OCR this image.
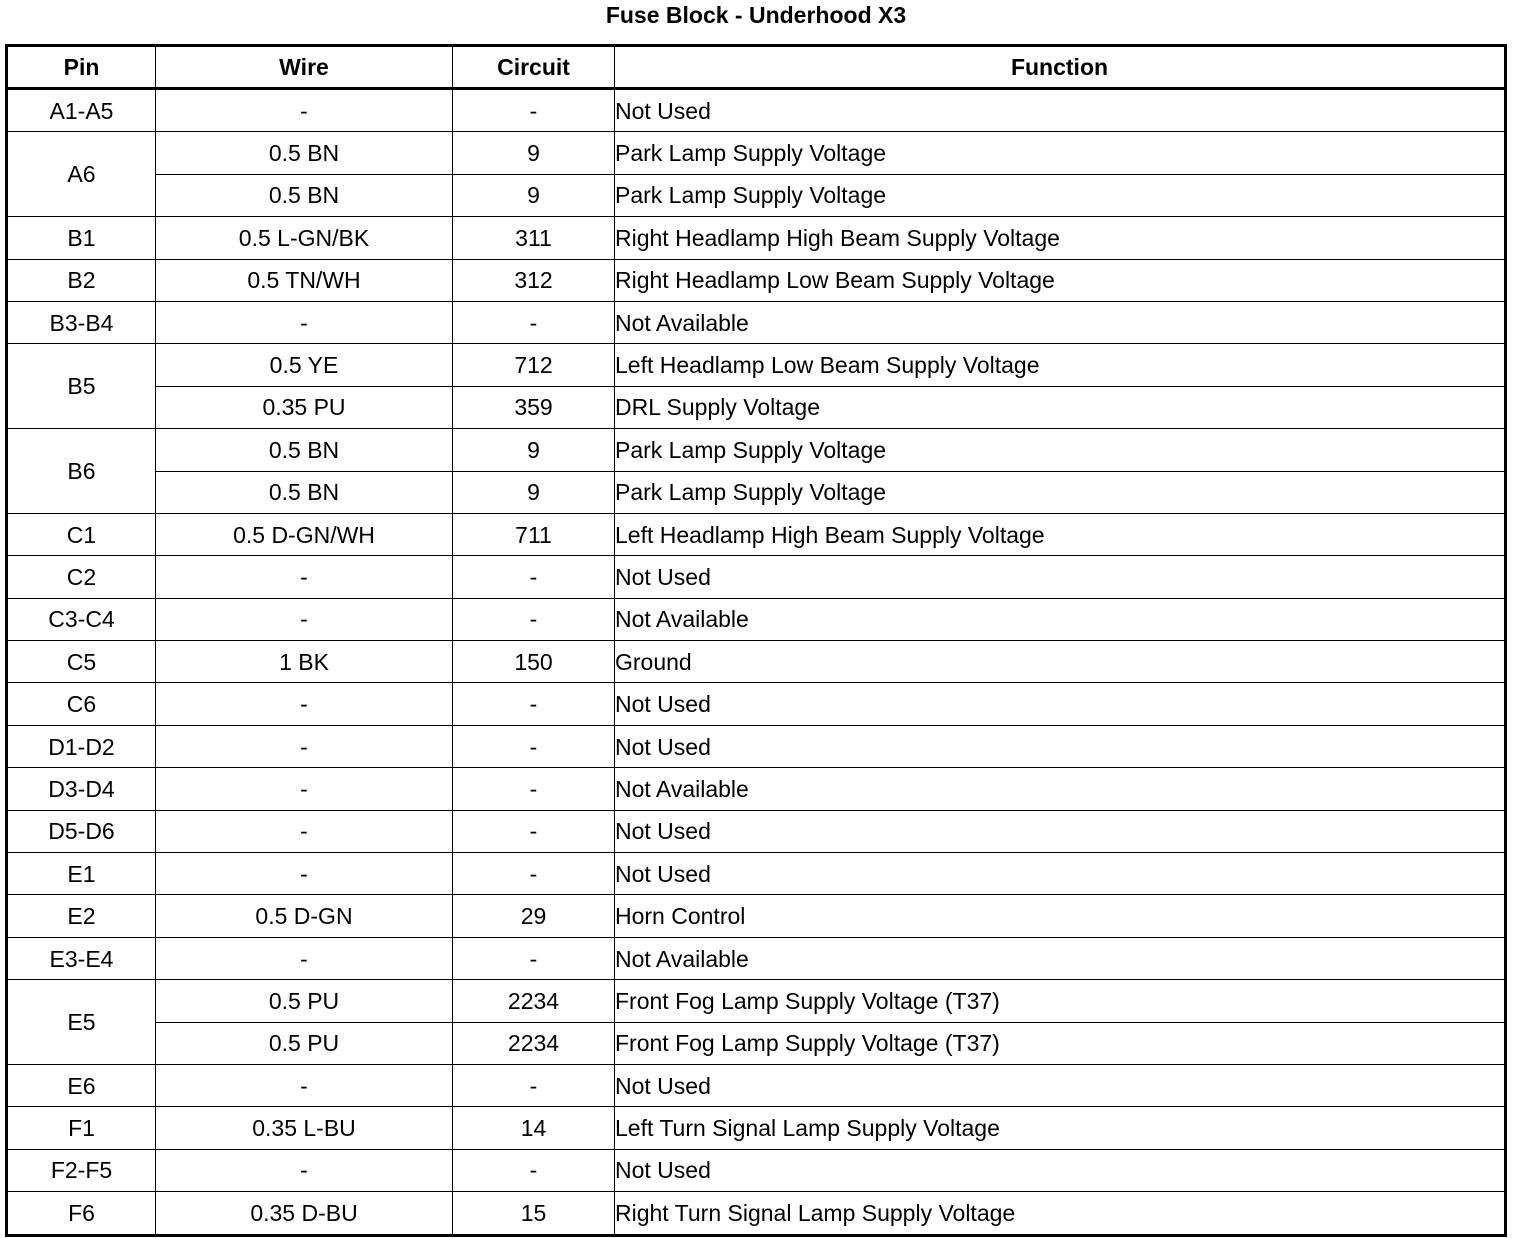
Fuse Block - Underhood X3
Pin	Wire	Circuit	Function
A1-A5	-	-	Not Used
A6	0.5 BN	9	Park Lamp Supply Voltage
	0.5 BN	9	Park Lamp Supply Voltage
B1	0.5 L-GN/BK	311	Right Headlamp High Beam Supply Voltage
B2	0.5 TN/WH	312	Right Headlamp Low Beam Supply Voltage
B3-B4	-	-	Not Available
B5	0.5 YE	712	Left Headlamp Low Beam Supply Voltage
	0.35 PU	359	DRL Supply Voltage
B6	0.5 BN	9	Park Lamp Supply Voltage
	0.5 BN	9	Park Lamp Supply Voltage
C1	0.5 D-GN/WH	711	Left Headlamp High Beam Supply Voltage
C2	-	-	Not Used
C3-C4	-	-	Not Available
C5	1 BK	150	Ground
C6	-	-	Not Used
D1-D2	-	-	Not Used
D3-D4	-	-	Not Available
D5-D6	-	-	Not Used
E1	-	-	Not Used
E2	0.5 D-GN	29	Horn Control
E3-E4	-	-	Not Available
E5	0.5 PU	2234	Front Fog Lamp Supply Voltage (T37)
	0.5 PU	2234	Front Fog Lamp Supply Voltage (T37)
E6	-	-	Not Used
F1	0.35 L-BU	14	Left Turn Signal Lamp Supply Voltage
F2-F5	-	-	Not Used
F6	0.35 D-BU	15	Right Turn Signal Lamp Supply Voltage
